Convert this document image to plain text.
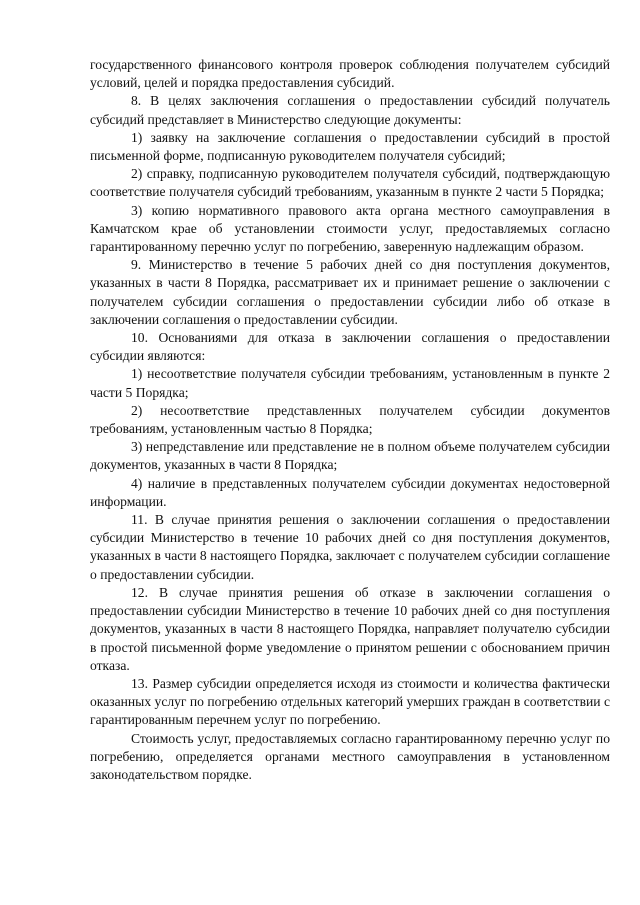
государственного финансового контроля проверок соблюдения получателем субсидий условий, целей и порядка предоставления субсидий.

8. В целях заключения соглашения о предоставлении субсидий получатель субсидий представляет в Министерство следующие документы:

1) заявку на заключение соглашения о предоставлении субсидий в простой письменной форме, подписанную руководителем получателя субсидий;

2) справку, подписанную руководителем получателя субсидий, подтверждающую соответствие получателя субсидий требованиям, указанным в пункте 2 части 5 Порядка;

3) копию нормативного правового акта органа местного самоуправления в Камчатском крае об установлении стоимости услуг, предоставляемых согласно гарантированному перечню услуг по погребению, заверенную надлежащим образом.

9. Министерство в течение 5 рабочих дней со дня поступления документов, указанных в части 8 Порядка, рассматривает их и принимает решение о заключении с получателем субсидии соглашения о предоставлении субсидии либо об отказе в заключении соглашения о предоставлении субсидии.

10. Основаниями для отказа в заключении соглашения о предоставлении субсидии являются:

1) несоответствие получателя субсидии требованиям, установленным в пункте 2 части 5 Порядка;

2) несоответствие представленных получателем субсидии документов требованиям, установленным частью 8 Порядка;

3) непредставление или представление не в полном объеме получателем субсидии документов, указанных в части 8 Порядка;

4) наличие в представленных получателем субсидии документах недостоверной информации.

11. В случае принятия решения о заключении соглашения о предоставлении субсидии Министерство в течение 10 рабочих дней со дня поступления документов, указанных в части 8 настоящего Порядка, заключает с получателем субсидии соглашение о предоставлении субсидии.

12. В случае принятия решения об отказе в заключении соглашения о предоставлении субсидии Министерство в течение 10 рабочих дней со дня поступления документов, указанных в части 8 настоящего Порядка, направляет получателю субсидии в простой письменной форме уведомление о принятом решении с обоснованием причин отказа.

13. Размер субсидии определяется исходя из стоимости и количества фактически оказанных услуг по погребению отдельных категорий умерших граждан в соответствии с гарантированным перечнем услуг по погребению.

Стоимость услуг, предоставляемых согласно гарантированному перечню услуг по погребению, определяется органами местного самоуправления в установленном законодательством порядке.
